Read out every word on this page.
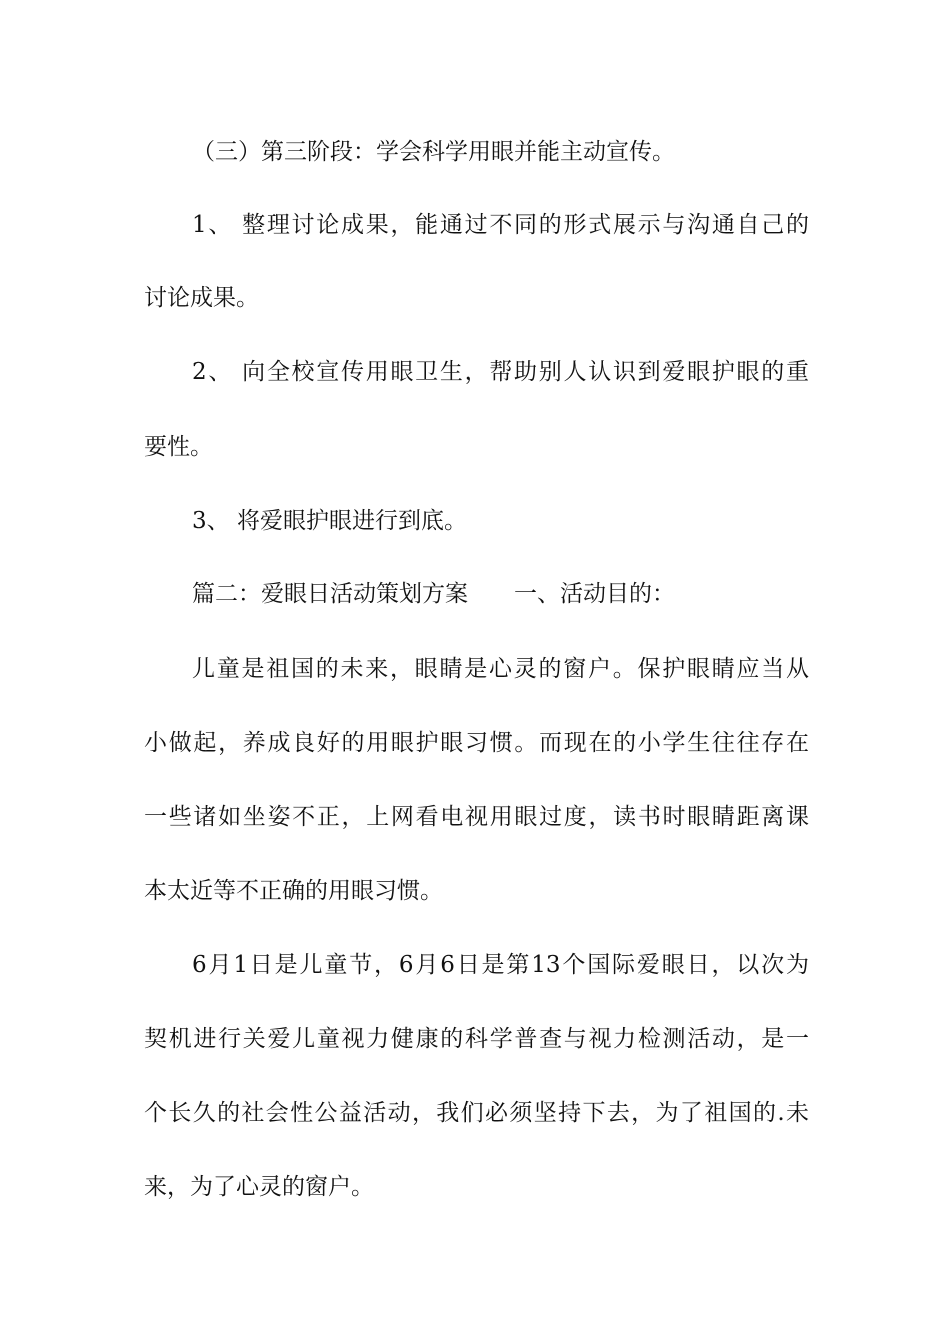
（三）第三阶段：学会科学用眼并能主动宣传。
1、 整理讨论成果，能通过不同的形式展示与沟通自己的
讨论成果。
2、 向全校宣传用眼卫生，帮助别人认识到爱眼护眼的重
要性。
3、 将爱眼护眼进行到底。
篇二：爱眼日活动策划方案　　一、活动目的：
儿童是祖国的未来，眼睛是心灵的窗户。保护眼睛应当从
小做起，养成良好的用眼护眼习惯。而现在的小学生往往存在
一些诸如坐姿不正，上网看电视用眼过度，读书时眼睛距离课
本太近等不正确的用眼习惯。
6月1日是儿童节，6月6日是第13个国际爱眼日，以次为
契机进行关爱儿童视力健康的科学普查与视力检测活动，是一
个长久的社会性公益活动，我们必须坚持下去，为了祖国的.未
来，为了心灵的窗户。
